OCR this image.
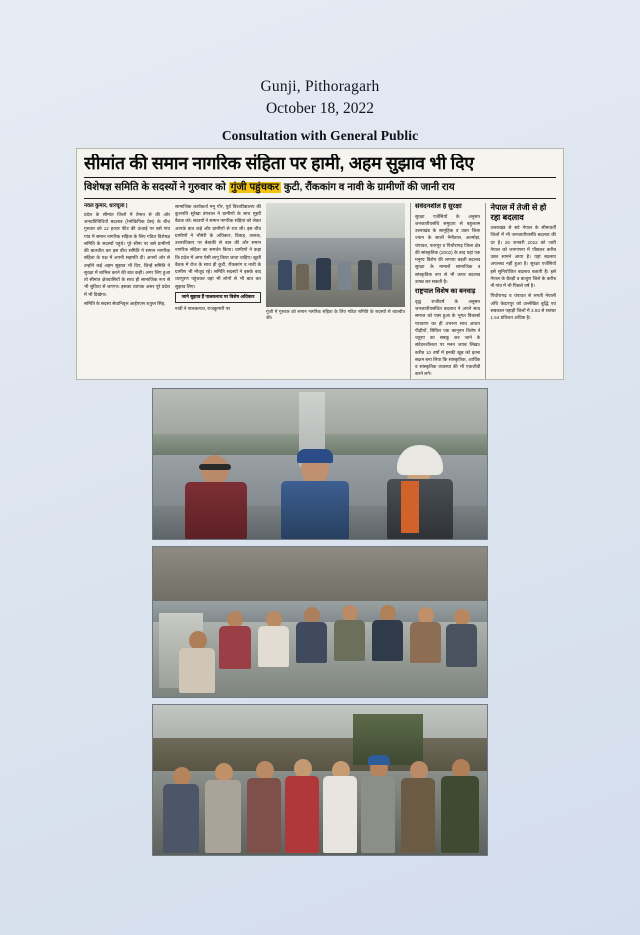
Gunji, Pithoragarh
October 18, 2022
Consultation with General Public
सीमांत की समान नागरिक संहिता पर हामी, अहम सुझाव भी दिए
विशेषज्ञ समिति के सदस्यों ने गुरुवार को गुंजी पहुंचकर कुटी, रौंककांग व नावी के ग्रामीणों की जानी राय
नवल कुमार, धारचूला |
प्रदेश के सीमांत जिलों में तैनात से की ओर जनप्रतिनिधियों बदलाव (रेनोकिपिक प्रेस) के बीच गुरुवार को 12 हजार फीट की ऊंचाई पर बसे गांव गांव में समान नागरिक संहिता के लिए गठित विशेषज्ञ समिति के सदस्यों पहुंचे। पूरे सीमा पर बसे ग्रामीणों की बातचीत कर इस बीच समिति ने समान नागरिक संहिता के पक्ष में अपनी सहमति दी। अपनों ओर से उन्होंने कई अहम सुझाव भी दिए, जिन्हें समिति ने सुरक्षा में शामिल करने की बात कही। अगर लिए हुआ तो सीमांत क्षेत्रवासियों के साथ ही सामाजिक रूप से भी सुविधा से जाएगा। इसका व्यापक असर पूरे प्रदेश में भी दिखेगा।
समिति के सदस्य सेवानिवृत्त आईएएस शत्रुघ्न सिंह,
सामाजिक कार्यकर्ता मनु गौर, पूर्व विश्वविद्यालय की कुलपति सुरेखा डंगवाल ने ग्रामीणों के साथ मुहरी बैठक को। सदस्यों ने समान नागरिक संहिता को लेकर आपके बात कहे और ग्रामीणों से राय ली। इस बीच ग्रामीणों ने भीमेरी के अधिकार, विवाह, तलाक, उत्तराधिकार पर बेबाकी से बात की और समान नागरिक संहिता का समर्थन किया। ग्रामीणों ने कहा कि प्रदेश में अगर ऐसी लागू किया जाता चाहिए। खुशी बैठक में रोज के साथ ही कुटी, रौंककांग व नावी के ग्रामीण भी मौजूद रहे। समिति सदस्यों ने इसके बाद धारपुरण पहुंचकर वहां भी लोगों से भी बात कर सुझाव लिए।
जाने सुझाव हैं पालकनाथ पर विशेष अधिकार
नावी ने पालकनाथ, राजकुमारी पर
गुंजी में गुरुवार को समान नागरिक संहिता के लिए गठित समिति के सदस्यों से बातचीत की।
संवेदनशील है सुरक्षा
सुरक्षा एजेंसियों के अनुसार जनजातीयसंचि समुदाय से बहुलतम उत्तराखंड के सामूहिक व उक्त जिला ज्यान के सालों नैनीताल, अल्मोड़ा, चंपावत, पतरपुर व पिथौरागढ़ जिला क्षेत्र की सांस्कृतिक (2002) के बाद यहां एक मनुष्य विशेष की लगाया बड़ती बदलाव सुरक्षा के मामलों सामाजिक व सांस्कृतिक रूप से भी तत्पर बदलाव उत्पन्न कर सकती है।
राष्ट्रपाल विशेष का बनवाड़
वृद्ध राजीवर्ष के अनुसार जनजातीयसंचित बदलाव ने अपने साथ समाज को पास हुआ के भूगत विकासों परावरण का ही उभरना साथ आधार पीढ़ीयों, सिविल एक कानूनन विशेष ने चतुरए का सबकू कर जाने के संवेदनशीलता पर मनन जयब लिखा। करीब 10 वर्षों में इनकी खूब को इतना सक्षम बना लिया कि सांस्कृतिक, आर्थिक व सांस्कृतिक व्यवस्था की भी एकजीवी करने लगे।
नेपाल में तेजी से हो रहा बदलाव
उत्तराखंड से सटे नेपाल के सीमावर्ती जिलों में भी जनजातीयसंचि बदलाव की दर है। 26 जनवरी 2022 को जारी नेपाल को जनगणना में पौंछकर करीब उक्त सामने आया है। यहां बदलाव अपलब्ध नहीं हुआ है। सुरक्षा एजेंसियों इसे सुनियोजित बदलाव बताती हैं। इसे नेपाल के बैतड़ी व बाजुरा जिले के करीब नौ गांव में भी पिछले वर्ष है।
पिथौरागढ़ व चंपावत से लगती नेपाली अंचि केदारपुर को उल्लेखित बुद्धि एवं सबकाल पहाड़ी जिलों में 3.93 से सतंबर 1.54 प्रतिशत अधिक है।
